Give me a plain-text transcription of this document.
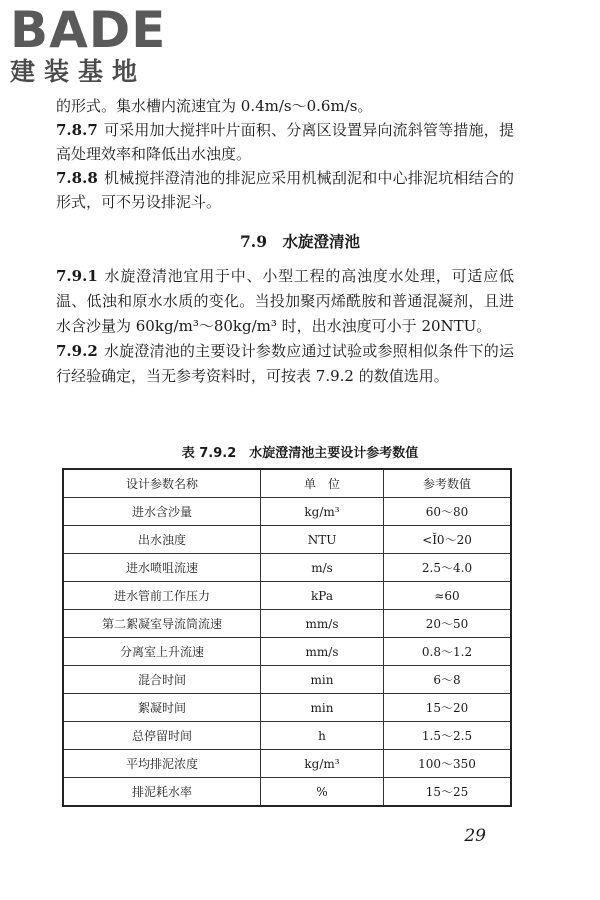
BADE
建装基地

的形式。集水槽内流速宜为 0.4m/s～0.6m/s。

7.8.7 可采用加大搅拌叶片面积、分离区设置异向流斜管等措施，提高处理效率和降低出水浊度。

7.8.8 机械搅拌澄清池的排泥应采用机械刮泥和中心排泥坑相结合的形式，可不另设排泥斗。

7.9　水旋澄清池

7.9.1 水旋澄清池宜用于中、小型工程的高浊度水处理，可适应低温、低浊和原水水质的变化。当投加聚丙烯酰胺和普通混凝剂，且进水含沙量为 60kg/m³～80kg/m³ 时，出水浊度可小于 20NTU。

7.9.2 水旋澄清池的主要设计参数应通过试验或参照相似条件下的运行经验确定，当无参考资料时，可按表 7.9.2 的数值选用。

表 7.9.2　水旋澄清池主要设计参考数值
设计参数名称	单　位	参考数值
进水含沙量	kg/m³	60～80
出水浊度	NTU	<Ĭ0～20
进水喷咀流速	m/s	2.5～4.0
进水管前工作压力	kPa	≈60
第二絮凝室导流筒流速	mm/s	20～50
分离室上升流速	mm/s	0.8～1.2
混合时间	min	6～8
絮凝时间	min	15～20
总停留时间	h	1.5～2.5
平均排泥浓度	kg/m³	100～350
排泥耗水率	%	15～25
29
